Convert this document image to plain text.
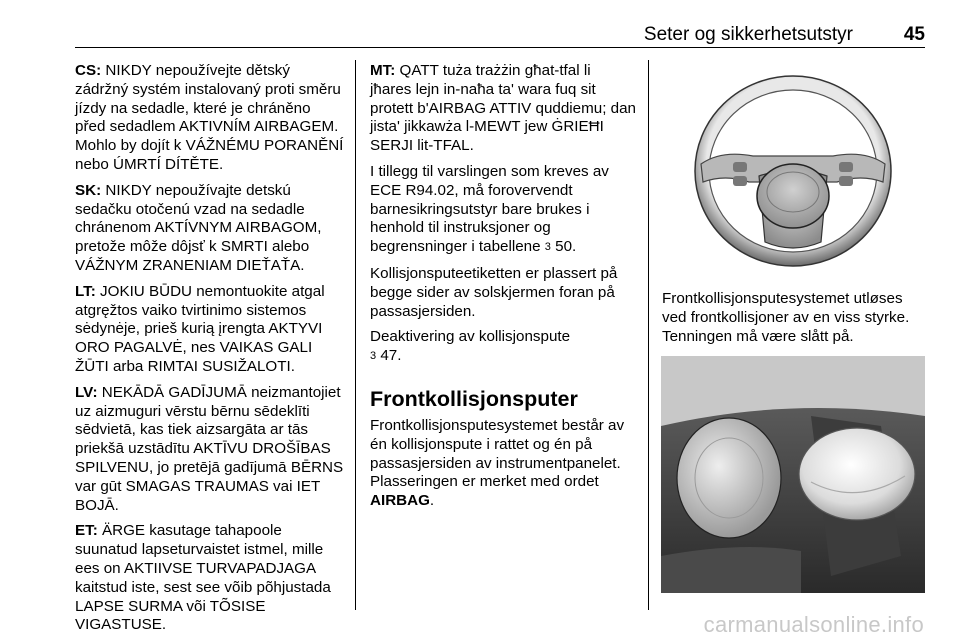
Seter og sikkerhetsutstyr	45

CS: NIKDY nepoužívejte dětský zádržný systém instalovaný proti směru jízdy na sedadle, které je chráněno před sedadlem AKTIVNÍM AIRBAGEM. Mohlo by dojít k VÁŽNÉMU PORANĚNÍ nebo ÚMRTÍ DÍTĚTE.

SK: NIKDY nepoužívajte detskú sedačku otočenú vzad na sedadle chránenom AKTÍVNYM AIRBAGOM, pretože môže dôjsť k SMRTI alebo VÁŽNYM ZRANENIAM DIEŤAŤA.

LT: JOKIU BŪDU nemontuokite atgal atgręžtos vaiko tvirtinimo sistemos sėdynėje, prieš kurią įrengta AKTYVI ORO PAGALVĖ, nes VAIKAS GALI ŽŪTI arba RIMTAI SUSIŽALOTI.

LV: NEKĀDĀ GADĪJUMĀ neizmantojiet uz aizmuguri vērstu bērnu sēdeklīti sēdvietā, kas tiek aizsargāta ar tās priekšā uzstādītu AKTĪVU DROŠĪBAS SPILVENU, jo pretējā gadījumā BĒRNS var gūt SMAGAS TRAUMAS vai IET BOJĀ.

ET: ÄRGE kasutage tahapoole suunatud lapseturvaistet istmel, mille ees on AKTIIVSE TURVAPADJAGA kaitstud iste, sest see võib põhjustada LAPSE SURMA või TÕSISE VIGASTUSE.

MT: QATT tuża trażżin għat-tfal li jħares lejn in-naħa ta' wara fuq sit protett b'AIRBAG ATTIV quddiemu; dan jista' jikkawża l-MEWT jew ĠRIEĦI SERJI lit-TFAL.

I tillegg til varslingen som kreves av ECE R94.02, må forovervendt barnesikringsutstyr bare brukes i henhold til instruksjoner og begrensninger i tabellene 3 50.

Kollisjonsputeetiketten er plassert på begge sider av solskjermen foran på passasjersiden.

Deaktivering av kollisjonspute
3 47.

Frontkollisjonsputer

Frontkollisjonsputesystemet består av én kollisjonspute i rattet og én på passasjersiden av instrumentpanelet. Plasseringen er merket med ordet AIRBAG.

Frontkollisjonsputesystemet utløses ved frontkollisjoner av en viss styrke. Tenningen må være slått på.

carmanualsonline.info
